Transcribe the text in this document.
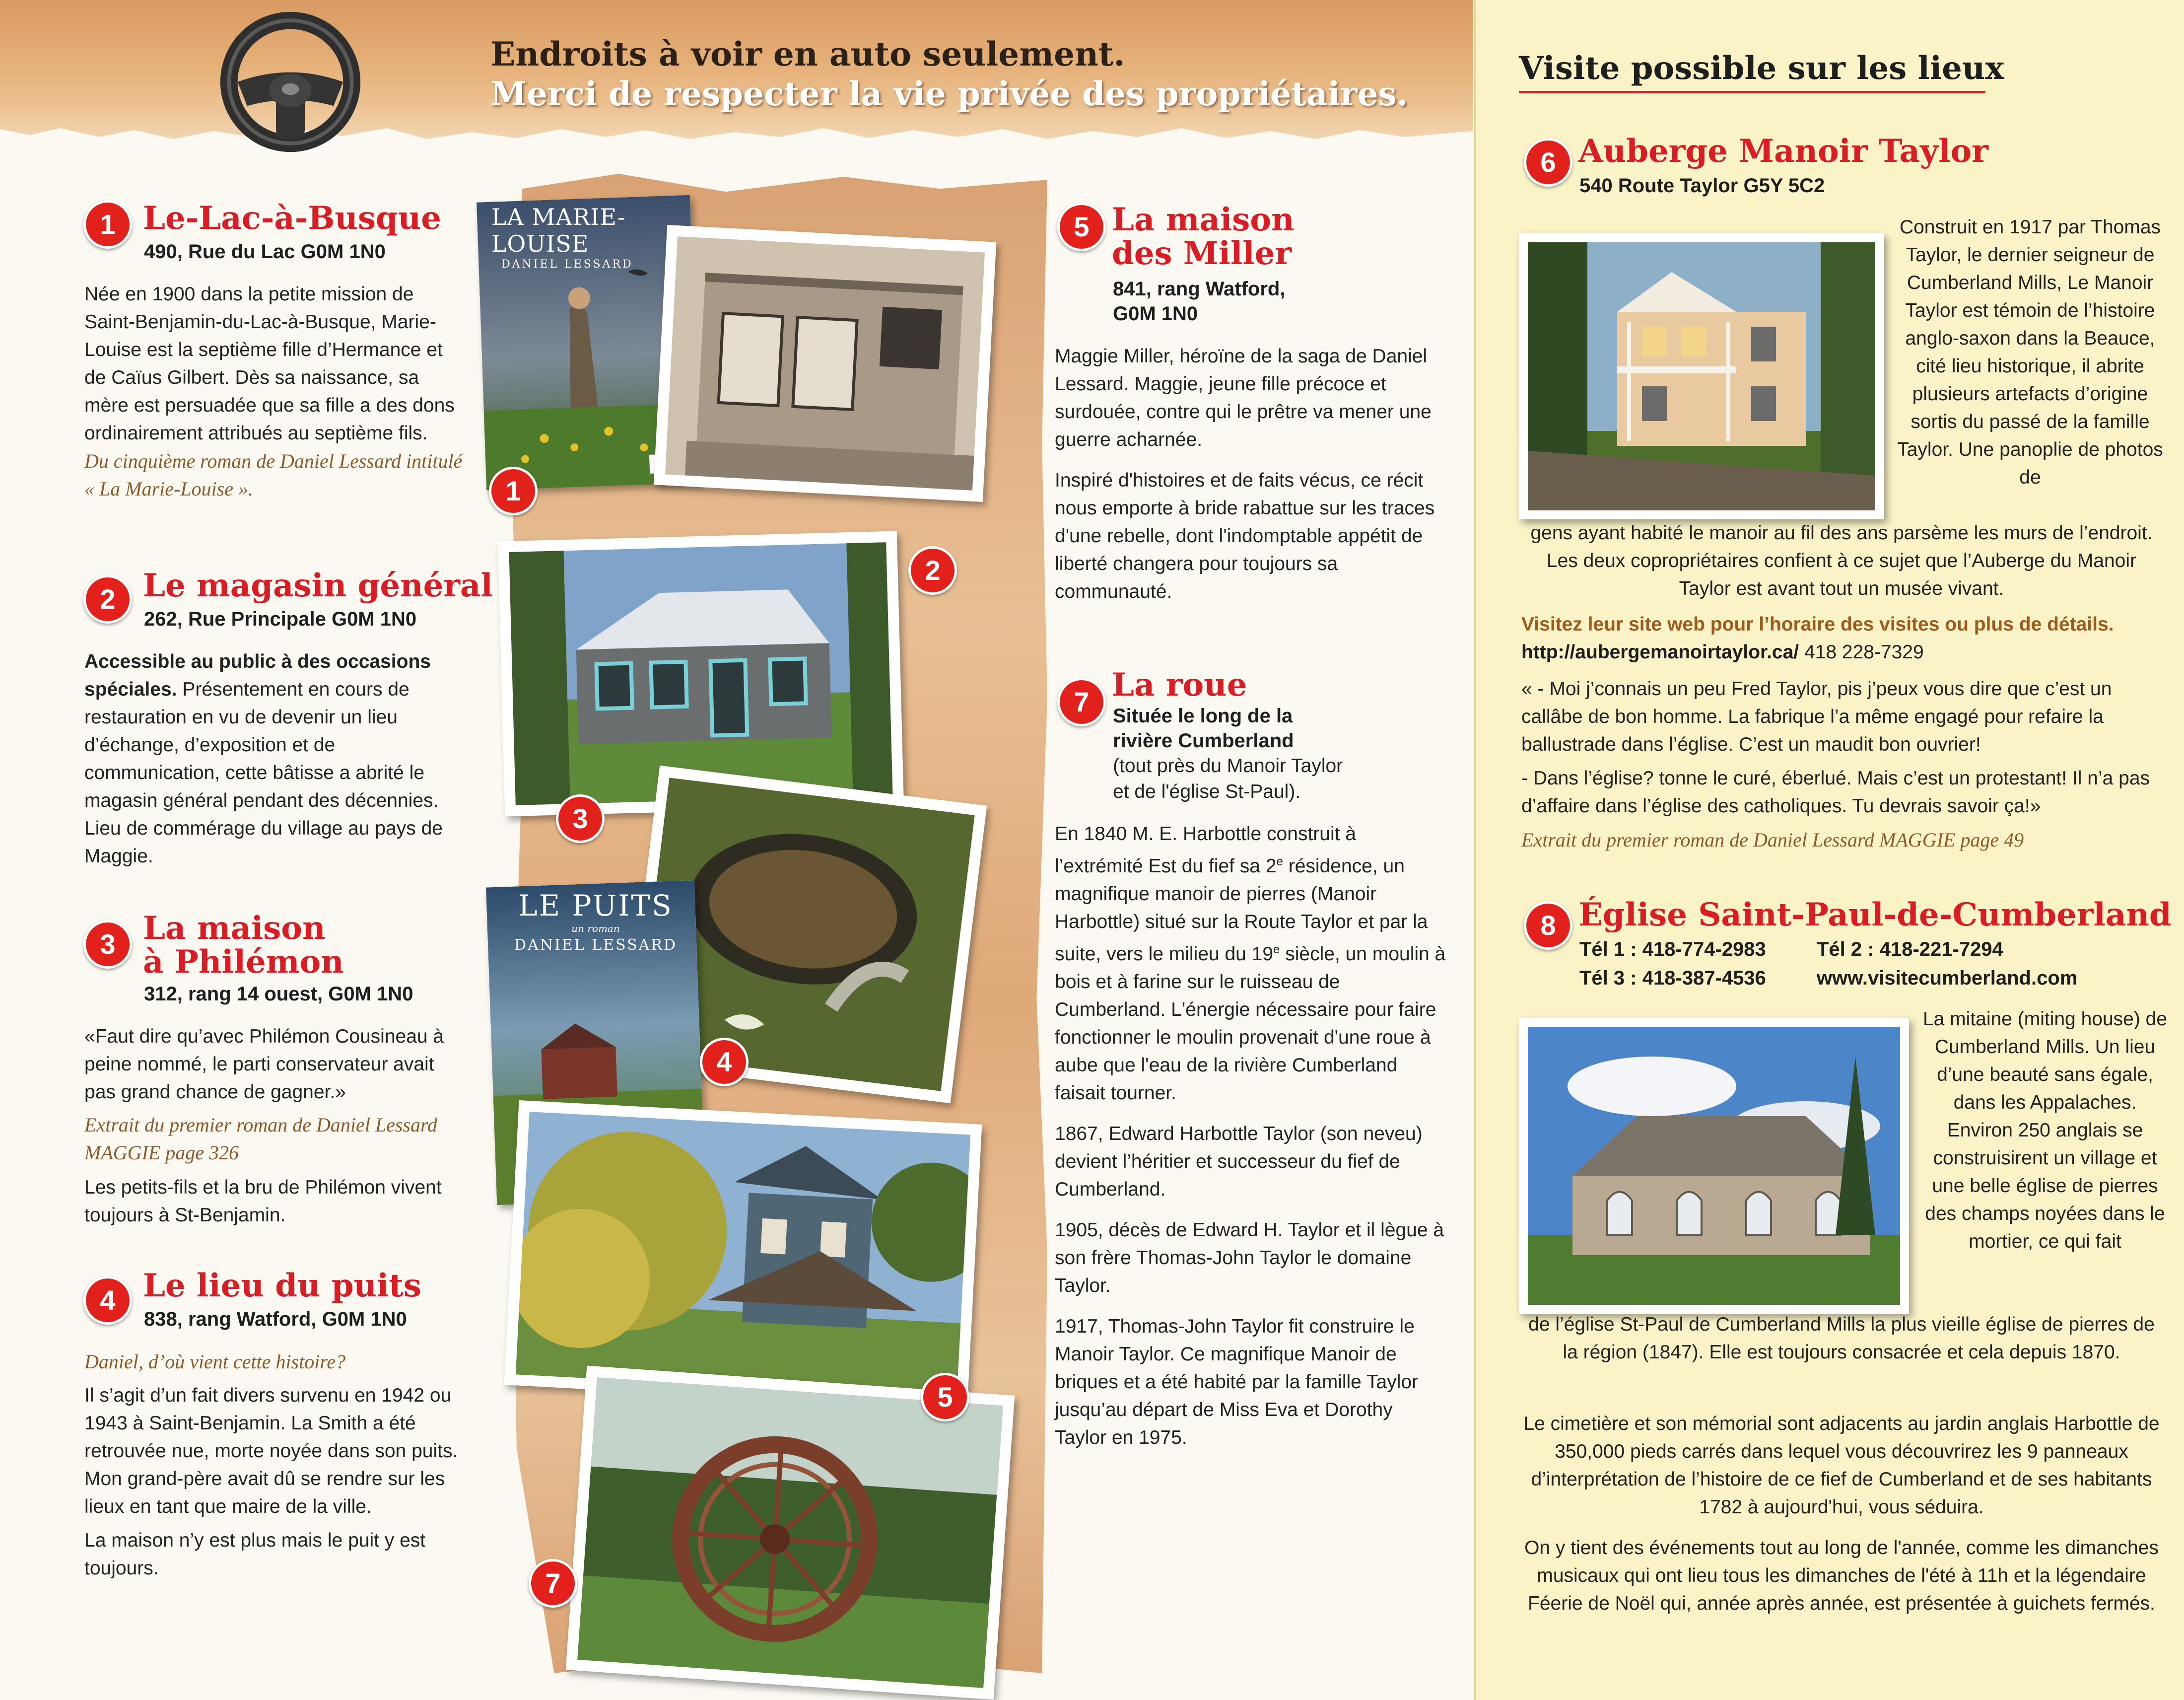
Endroits à voir en auto seulement.
Merci de respecter la vie privée des propriétaires.
1 Le-Lac-à-Busque
490, Rue du Lac G0M 1N0

Née en 1900 dans la petite mission de Saint-Benjamin-du-Lac-à-Busque, Marie-Louise est la septième fille d’Hermance et de Caïus Gilbert. Dès sa naissance, sa mère est persuadée que sa fille a des dons ordinairement attribués au septième fils.

Du cinquième roman de Daniel Lessard intitulé « La Marie-Louise ».

2 Le magasin général
262, Rue Principale G0M 1N0

Accessible au public à des occasions spéciales. Présentement en cours de restauration en vu de devenir un lieu d’échange, d’exposition et de communication, cette bâtisse a abrité le magasin général pendant des décennies. Lieu de commérage du village au pays de Maggie.

3 La maison
à Philémon
312, rang 14 ouest, G0M 1N0

«Faut dire qu’avec Philémon Cousineau à peine nommé, le parti conservateur avait pas grand chance de gagner.»

Extrait du premier roman de Daniel Lessard MAGGIE page 326

Les petits-fils et la bru de Philémon vivent toujours à St-Benjamin.

4 Le lieu du puits
838, rang Watford, G0M 1N0

Daniel, d’où vient cette histoire?

Il s’agit d’un fait divers survenu en 1942 ou 1943 à Saint-Benjamin. La Smith a été retrouvée nue, morte noyée dans son puits. Mon grand-père avait dû se rendre sur les lieux en tant que maire de la ville.

La maison n’y est plus mais le puit y est toujours.

LA MARIE-LOUISE
DANIEL LESSARD
LE PUITS
un roman
DANIEL LESSARD
1
2
3
4
5
7
5 La maison
des Miller
841, rang Watford,
G0M 1N0

Maggie Miller, héroïne de la saga de Daniel Lessard. Maggie, jeune fille précoce et surdouée, contre qui le prêtre va mener une guerre acharnée.

Inspiré d'histoires et de faits vécus, ce récit nous emporte à bride rabattue sur les traces d'une rebelle, dont l'indomptable appétit de liberté changera pour toujours sa communauté.

7 La roue
Située le long de la
rivière Cumberland
(tout près du Manoir Taylor
et de l'église St-Paul).

En 1840 M. E. Harbottle construit à l’extrémité Est du fief sa 2e résidence, un magnifique manoir de pierres (Manoir Harbottle) situé sur la Route Taylor et par la suite, vers le milieu du 19e siècle, un moulin à bois et à farine sur le ruisseau de Cumberland. L'énergie nécessaire pour faire fonctionner le moulin provenait d'une roue à aube que l'eau de la rivière Cumberland faisait tourner.

1867, Edward Harbottle Taylor (son neveu) devient l’héritier et successeur du fief de Cumberland.

1905, décès de Edward H. Taylor et il lègue à son frère Thomas-John Taylor le domaine Taylor.

1917, Thomas-John Taylor fit construire le Manoir Taylor. Ce magnifique Manoir de briques et a été habité par la famille Taylor jusqu’au départ de Miss Eva et Dorothy Taylor en 1975.

Visite possible sur les lieux
6 Auberge Manoir Taylor
540 Route Taylor G5Y 5C2
Construit en 1917 par Thomas Taylor, le dernier seigneur de Cumberland Mills, Le Manoir Taylor est témoin de l’histoire anglo-saxon dans la Beauce, cité lieu historique, il abrite plusieurs artefacts d’origine sortis du passé de la famille Taylor. Une panoplie de photos de
gens ayant habité le manoir au fil des ans parsème les murs de l’endroit. Les deux copropriétaires confient à ce sujet que l’Auberge du Manoir Taylor est avant tout un musée vivant.
Visitez leur site web pour l’horaire des visites ou plus de détails. http://aubergemanoirtaylor.ca/ 418 228-7329

« - Moi j’connais un peu Fred Taylor, pis j’peux vous dire que c’est un callâbe de bon homme. La fabrique l’a même engagé pour refaire la ballustrade dans l’église. C’est un maudit bon ouvrier!

- Dans l’église? tonne le curé, éberlué. Mais c’est un protestant! Il n’a pas d’affaire dans l’église des catholiques. Tu devrais savoir ça!»

Extrait du premier roman de Daniel Lessard MAGGIE page 49

8 Église Saint-Paul-de-Cumberland
Tél 1 : 418-774-2983	Tél 2 : 418-221-7294
Tél 3 : 418-387-4536	www.visitecumberland.com
La mitaine (miting house) de Cumberland Mills. Un lieu d’une beauté sans égale, dans les Appalaches. Environ 250 anglais se construisirent un village et une belle église de pierres des champs noyées dans le mortier, ce qui fait
de l’église St-Paul de Cumberland Mills la plus vieille église de pierres de la région (1847). Elle est toujours consacrée et cela depuis 1870.

Le cimetière et son mémorial sont adjacents au jardin anglais Harbottle de 350,000 pieds carrés dans lequel vous découvrirez les 9 panneaux d’interprétation de l’histoire de ce fief de Cumberland et de ses habitants 1782 à aujourd'hui, vous séduira.

On y tient des événements tout au long de l'année, comme les dimanches musicaux qui ont lieu tous les dimanches de l'été à 11h et la légendaire Féerie de Noël qui, année après année, est présentée à guichets fermés.
